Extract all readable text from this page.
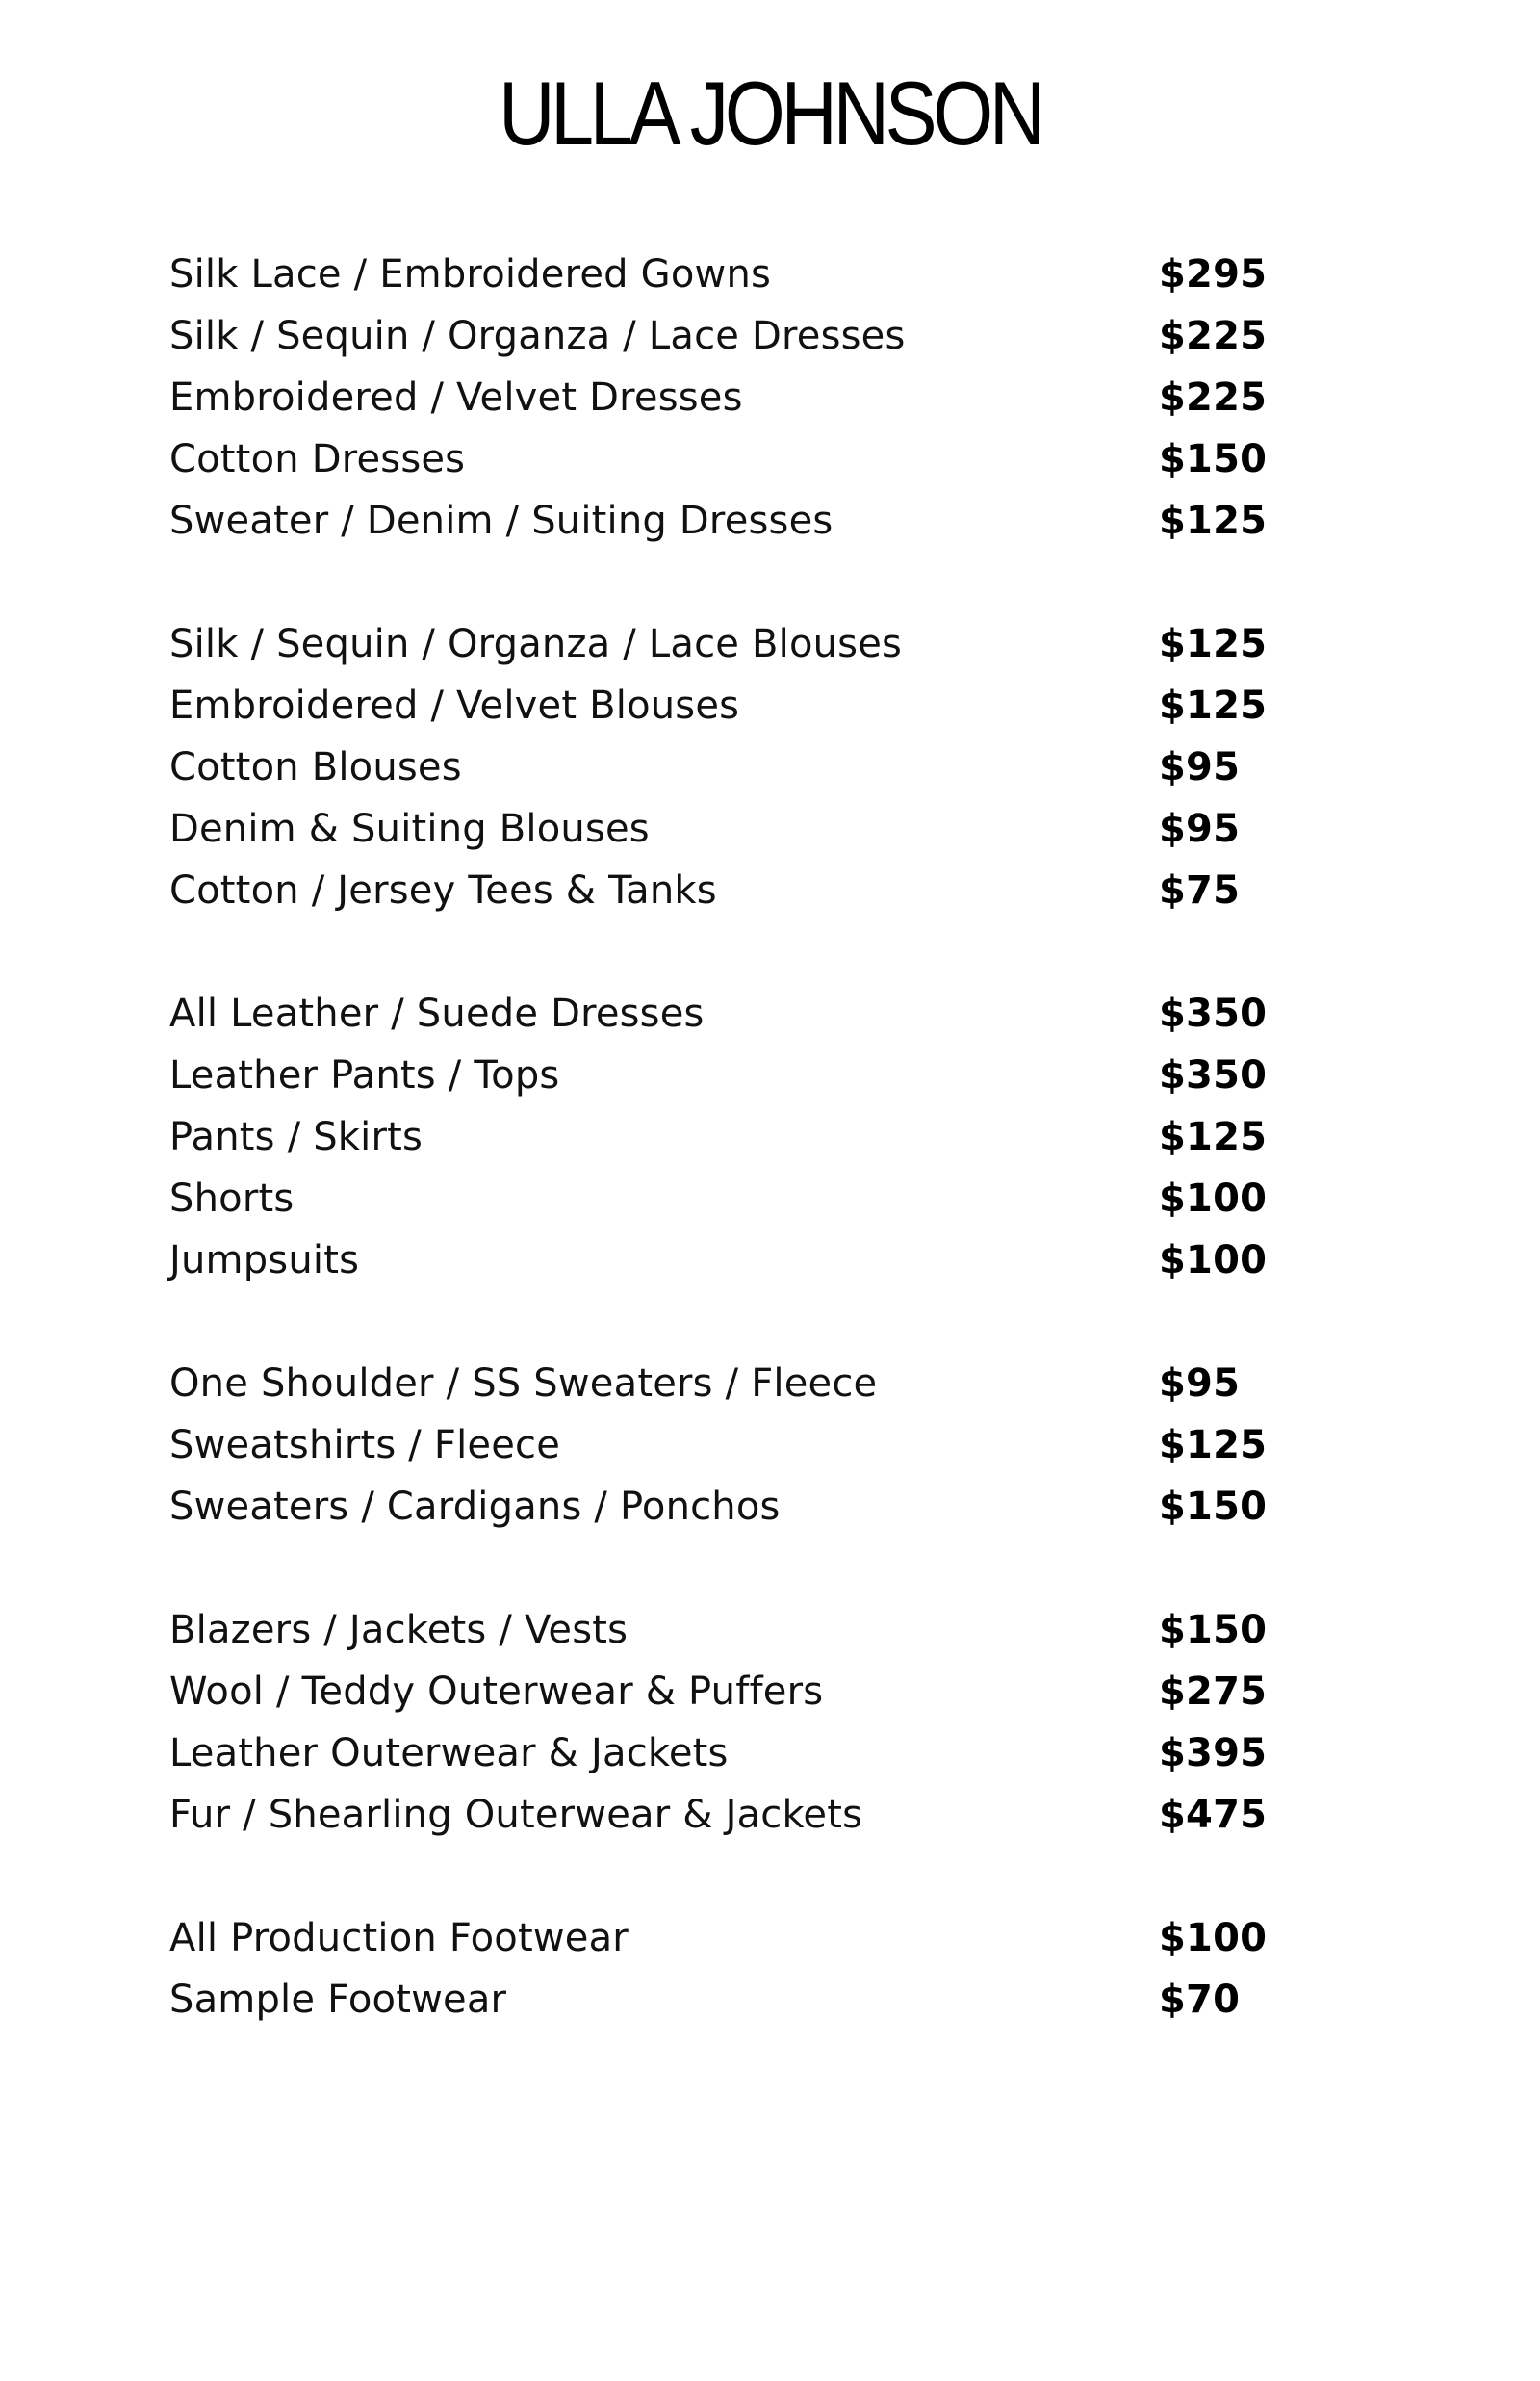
ULLA JOHNSON
Silk Lace / Embroidered Gowns	$295
Silk / Sequin / Organza / Lace Dresses	$225
Embroidered / Velvet Dresses	$225
Cotton Dresses	$150
Sweater / Denim / Suiting Dresses	$125
Silk / Sequin / Organza / Lace Blouses	$125
Embroidered / Velvet Blouses	$125
Cotton Blouses	$95
Denim & Suiting Blouses	$95
Cotton / Jersey Tees & Tanks	$75
All Leather / Suede Dresses	$350
Leather Pants / Tops	$350
Pants / Skirts	$125
Shorts	$100
Jumpsuits	$100
One Shoulder / SS Sweaters / Fleece	$95
Sweatshirts / Fleece	$125
Sweaters / Cardigans / Ponchos	$150
Blazers / Jackets / Vests	$150
Wool / Teddy Outerwear & Puffers	$275
Leather Outerwear & Jackets	$395
Fur / Shearling Outerwear & Jackets	$475
All Production Footwear	$100
Sample Footwear	$70
